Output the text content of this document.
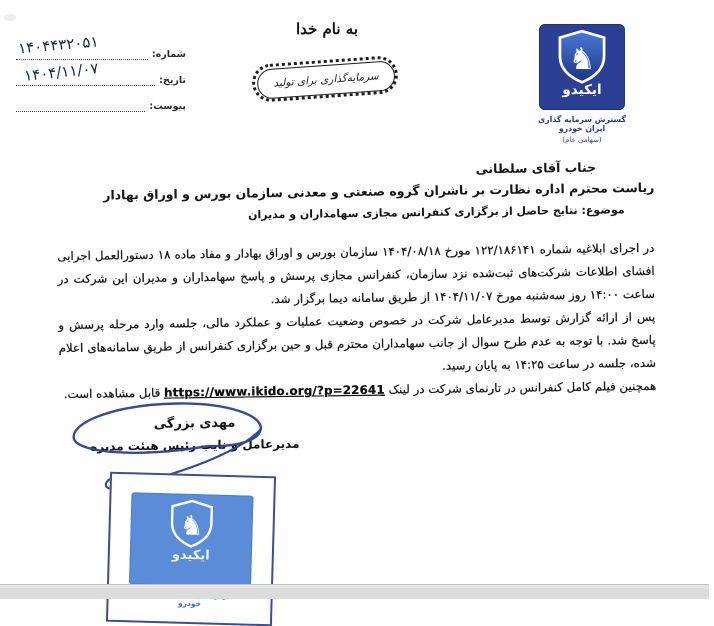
شماره:
۱۴۰۴۴۳۲۰۵۱
تاریخ:
۱۴۰۴/۱۱/۰۷
پیوست:
به نام خدا
سرمایه‌گذاری برای تولید
♞
ایکیدو
گسترش سرمایه گذاری ایران خودرو
(سهامی عام)
جناب آقای سلطانی
ریاست محترم اداره نظارت بر ناشران گروه صنعتی و معدنی سازمان بورس و اوراق بهادار
موضوع: نتایج حاصل از برگزاری کنفرانس مجازی سهامداران و مدیران

در اجرای ابلاغیه شماره ۱۲۲/۱۸۶۱۴۱ مورخ ۱۴۰۴/۰۸/۱۸ سازمان بورس و اوراق بهادار و مفاد ماده ۱۸ دستورالعمل اجرایی افشای اطلاعات شرکت‌های ثبت‌شده نزد سازمان، کنفرانس مجازی پرسش و پاسخ سهامداران و مدیران این شرکت در ساعت ۱۴:۰۰ روز سه‌شنبه مورخ ۱۴۰۴/۱۱/۰۷ از طریق سامانه دیما برگزار شد.

پس از ارائه گزارش توسط مدیرعامل شرکت در خصوص وضعیت عملیات و عملکرد مالی، جلسه وارد مرحله پرسش و پاسخ شد. با توجه به عدم طرح سوال از جانب سهامداران محترم قبل و حین برگزاری کنفرانس از طریق سامانه‌های اعلام شده، جلسه در ساعت ۱۴:۲۵ به پایان رسید.

همچنین فیلم کامل کنفرانس در تارنمای شرکت در لینک https://www.ikido.org/?p=22641 قابل مشاهده است.

مهدی بزرگی
مدیرعامل و نایب رئیس هیئت مدیره
♞
ایکیدو
خودرو
